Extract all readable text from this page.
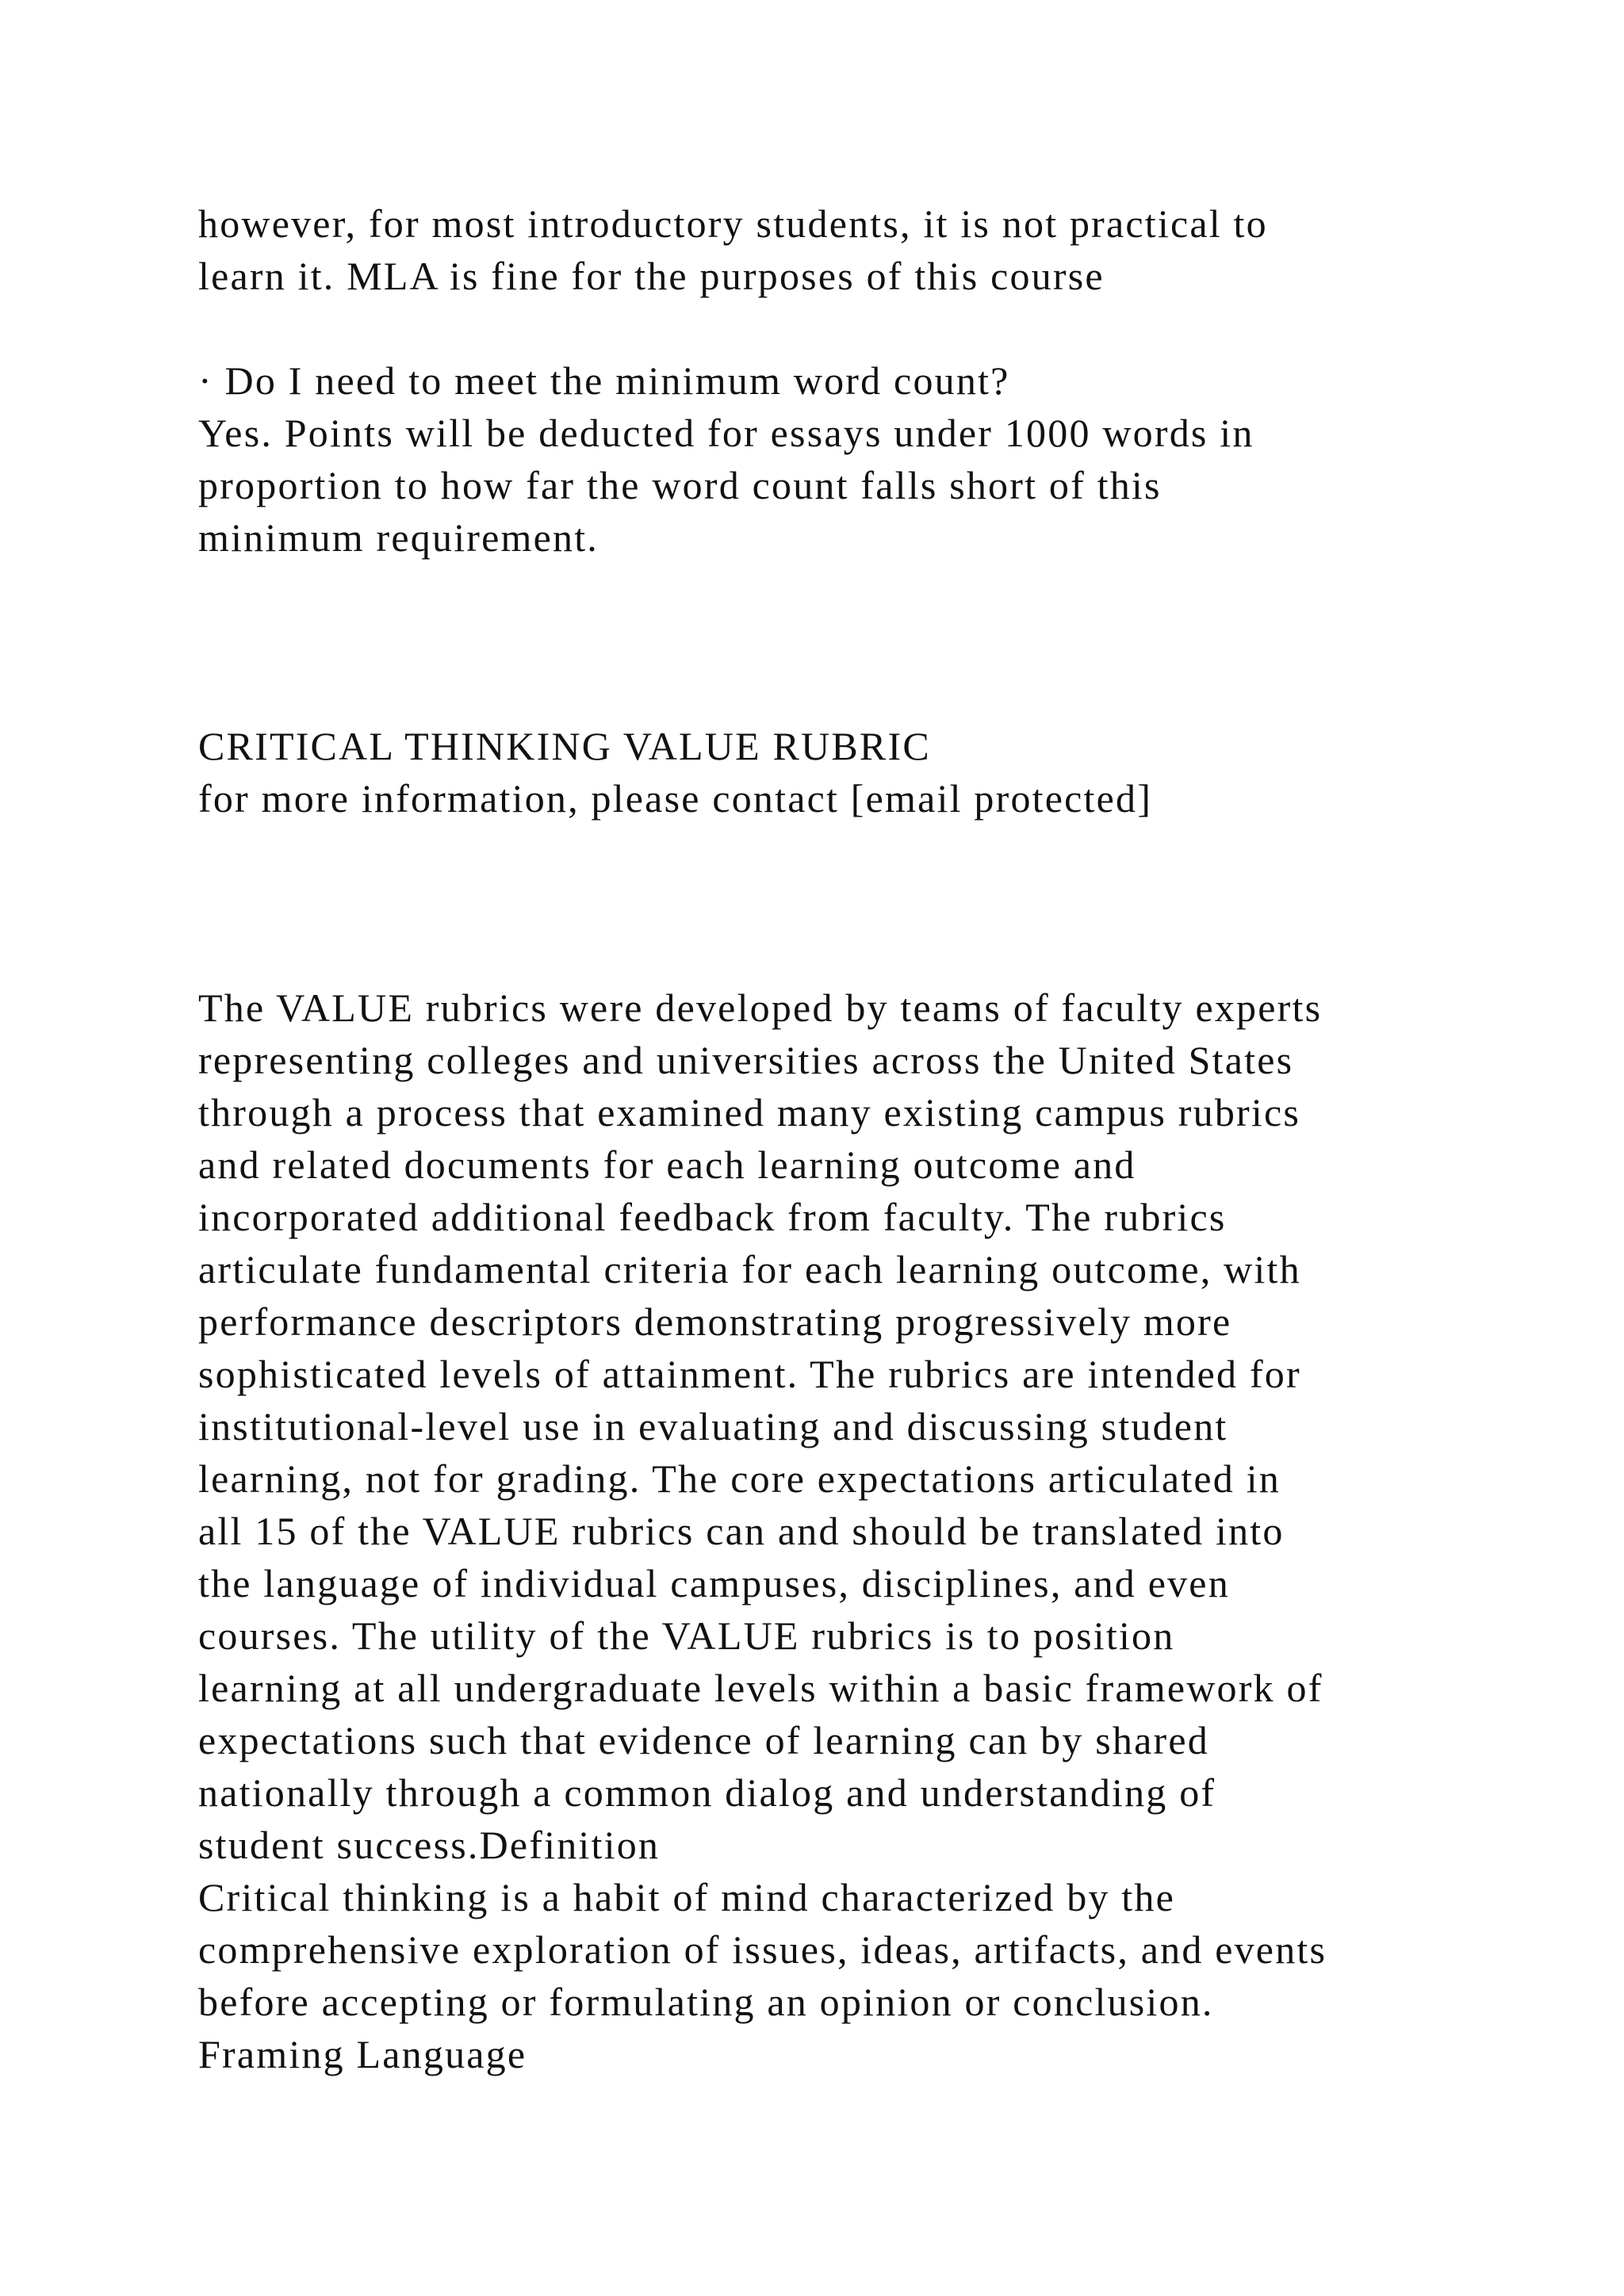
however, for most introductory students, it is not practical to
learn it. MLA is fine for the purposes of this course
· Do I need to meet the minimum word count?
Yes. Points will be deducted for essays under 1000 words in
proportion to how far the word count falls short of this
minimum requirement.
CRITICAL THINKING VALUE RUBRIC
for more information, please contact [email protected]
The VALUE rubrics were developed by teams of faculty experts
representing colleges and universities across the United States
through a process that examined many existing campus rubrics
and related documents for each learning outcome and
incorporated additional feedback from faculty. The rubrics
articulate fundamental criteria for each learning outcome, with
performance descriptors demonstrating progressively more
sophisticated levels of attainment. The rubrics are intended for
institutional-level use in evaluating and discussing student
learning, not for grading. The core expectations articulated in
all 15 of the VALUE rubrics can and should be translated into
the language of individual campuses, disciplines, and even
courses. The utility of the VALUE rubrics is to position
learning at all undergraduate levels within a basic framework of
expectations such that evidence of learning can by shared
nationally through a common dialog and understanding of
student success.Definition
Critical thinking is a habit of mind characterized by the
comprehensive exploration of issues, ideas, artifacts, and events
before accepting or formulating an opinion or conclusion.
Framing Language
